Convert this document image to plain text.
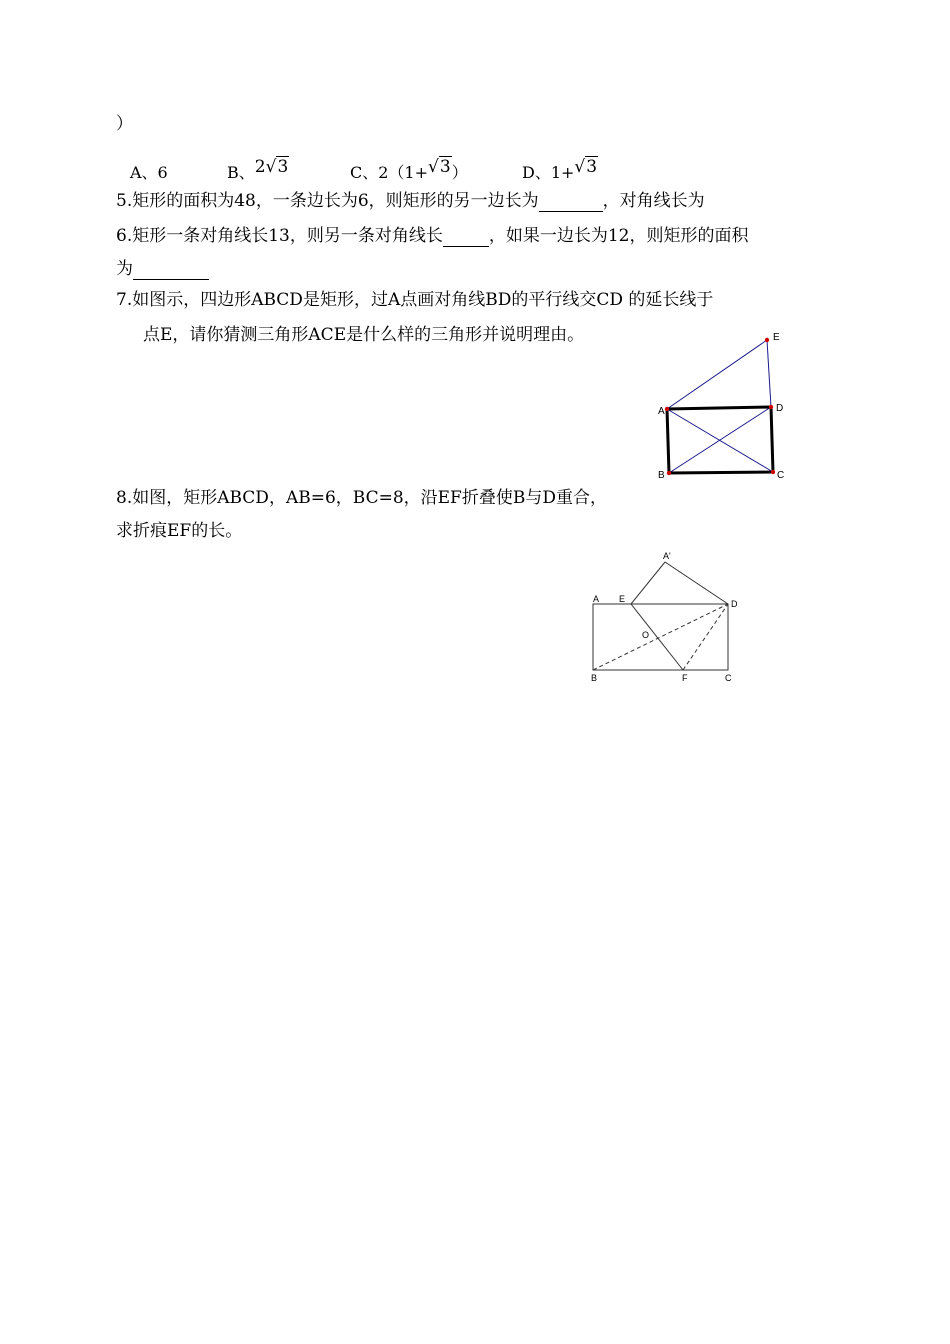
）
A、6	B、2√3	C、2（1+√3）	D、1+√3
5.矩形的面积为48，一条边长为6，则矩形的另一边长为	，对角线长为
6.矩形一条对角线长13，则另一条对角线长	，如果一边长为12，则矩形的面积
为
7.如图示，四边形ABCD是矩形，过A点画对角线BD的平行线交CD 的延长线于
点E，请你猜测三角形ACE是什么样的三角形并说明理由。	E
A	D
B	C
8.如图，矩形ABCD，AB=6，BC=8，沿EF折叠使B与D重合，
求折痕EF的长。
A'
A E	D
O
B	F	C
